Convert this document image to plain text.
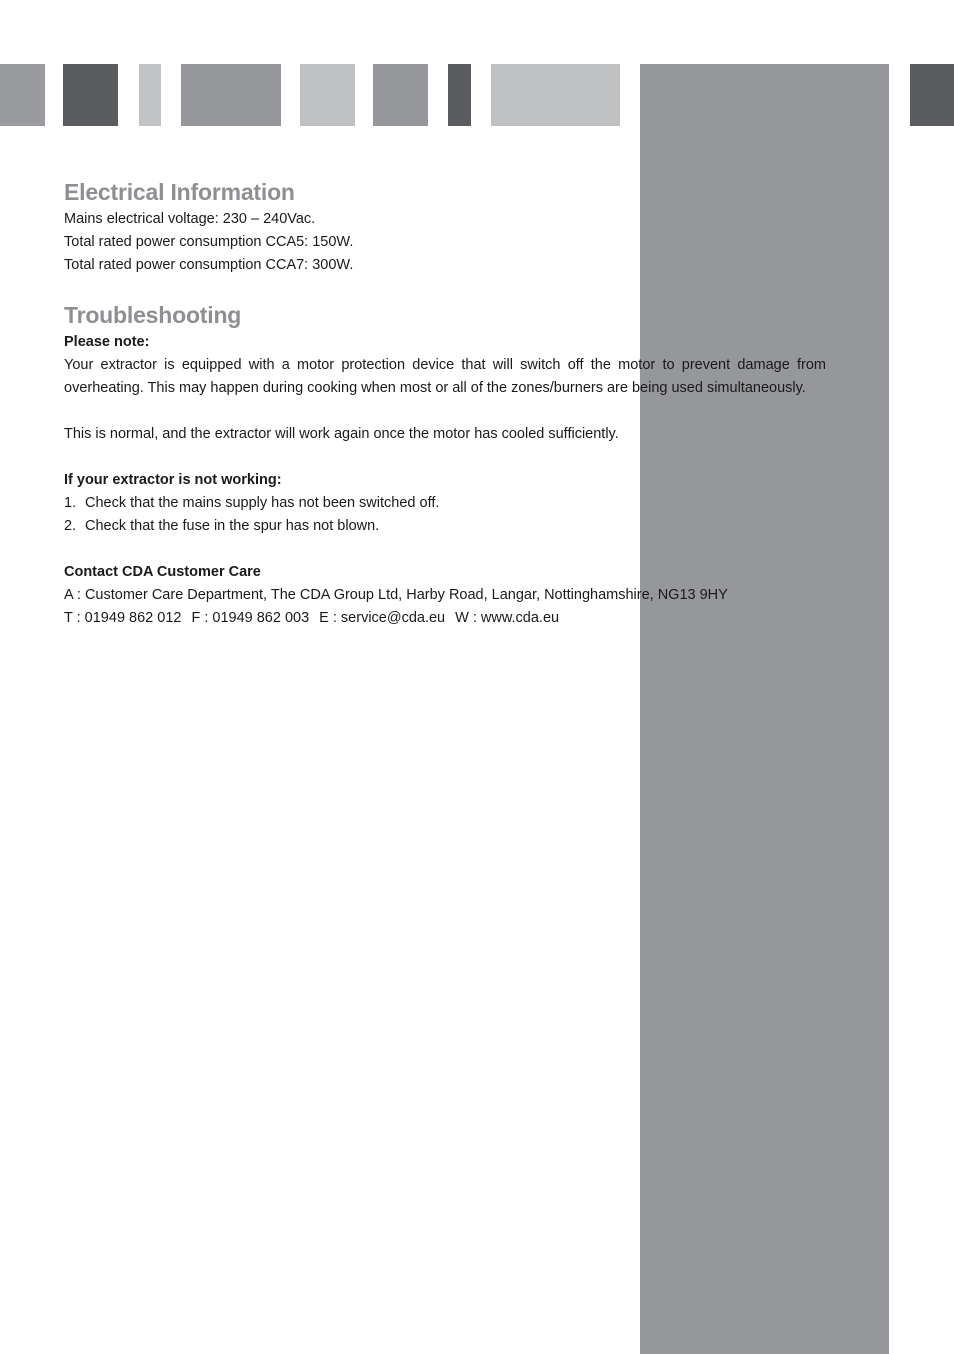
Electrical Information
Mains electrical voltage: 230 – 240Vac.
Total rated power consumption CCA5: 150W.
Total rated power consumption CCA7: 300W.
Troubleshooting
Please note:
Your extractor is equipped with a motor protection device that will switch off the motor to prevent damage from overheating. This may happen during cooking when most or all of the zones/burners are being used simultaneously.
This is normal, and the extractor will work again once the motor has cooled sufficiently.
If your extractor is not working:
1. Check that the mains supply has not been switched off.
2. Check that the fuse in the spur has not blown.
Contact CDA Customer Care
A : Customer Care Department, The CDA Group Ltd, Harby Road, Langar, Nottinghamshire, NG13 9HY
T : 01949 862 012 F : 01949 862 003 E : service@cda.eu W : www.cda.eu
